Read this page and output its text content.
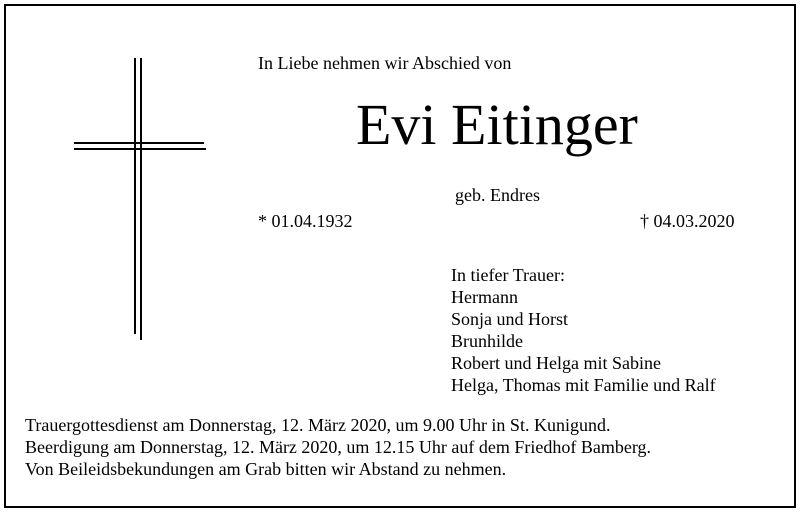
In Liebe nehmen wir Abschied von
Evi Eitinger
geb. Endres
* 01.04.1932	† 04.03.2020
In tiefer Trauer:
Hermann
Sonja und Horst
Brunhilde
Robert und Helga mit Sabine
Helga, Thomas mit Familie und Ralf
Trauergottesdienst am Donnerstag, 12. März 2020, um 9.00 Uhr in St. Kunigund.
Beerdigung am Donnerstag, 12. März 2020, um 12.15 Uhr auf dem Friedhof Bamberg.
Von Beileidsbekundungen am Grab bitten wir Abstand zu nehmen.
